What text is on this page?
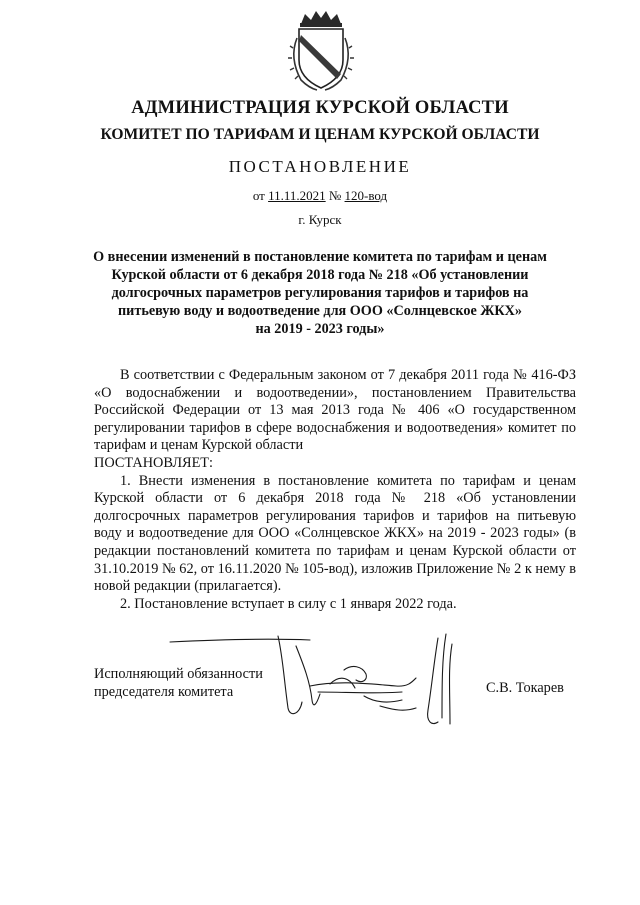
АДМИНИСТРАЦИЯ КУРСКОЙ ОБЛАСТИ
КОМИТЕТ ПО ТАРИФАМ И ЦЕНАМ КУРСКОЙ ОБЛАСТИ
ПОСТАНОВЛЕНИЕ
от 11.11.2021 № 120-вод
г. Курск
О внесении изменений в постановление комитета по тарифам и ценам
Курской области от 6 декабря 2018 года № 218 «Об установлении
долгосрочных параметров регулирования тарифов и тарифов на
питьевую воду и водоотведение для ООО «Солнцевское ЖКХ»
на 2019 - 2023 годы»

В соответствии с Федеральным законом от 7 декабря 2011 года № 416-ФЗ «О водоснабжении и водоотведении», постановлением Правительства Российской Федерации от 13 мая 2013 года № 406 «О государственном регулировании тарифов в сфере водоснабжения и водоотведения» комитет по тарифам и ценам Курской области

ПОСТАНОВЛЯЕТ:

1. Внести изменения в постановление комитета по тарифам и ценам Курской области от 6 декабря 2018 года № 218 «Об установлении долгосрочных параметров регулирования тарифов и тарифов на питьевую воду и водоотведение для ООО «Солнцевское ЖКХ» на 2019 - 2023 годы» (в редакции постановлений комитета по тарифам и ценам Курской области от 31.10.2019 № 62, от 16.11.2020 № 105-вод), изложив Приложение № 2 к нему в новой редакции (прилагается).

2. Постановление вступает в силу с 1 января 2022 года.

Исполняющий обязанности
председателя комитета	С.В. Токарев
